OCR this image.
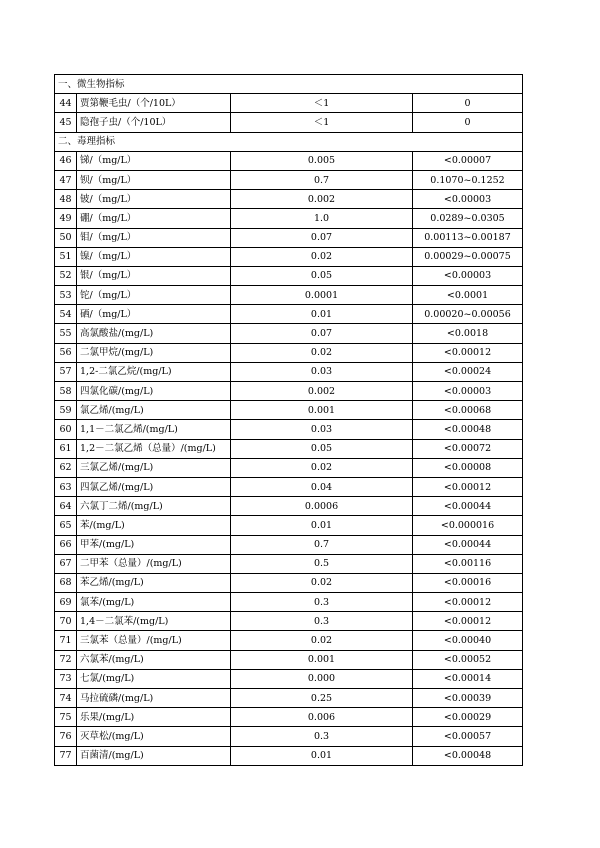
一、微生物指标			
44	贾第鞭毛虫/（个/10L）	＜1	0
45	隐孢子虫/（个/10L）	＜1	0
二、毒理指标			
46	锑/（mg/L）	0.005	<0.00007
47	钡/（mg/L）	0.7	0.1070~0.1252
48	铍/（mg/L）	0.002	<0.00003
49	硼/（mg/L）	1.0	0.0289~0.0305
50	钼/（mg/L）	0.07	0.00113~0.00187
51	镍/（mg/L）	0.02	0.00029~0.00075
52	银/（mg/L）	0.05	<0.00003
53	铊/（mg/L）	0.0001	<0.0001
54	硒/（mg/L）	0.01	0.00020~0.00056
55	高氯酸盐/(mg/L)	0.07	<0.0018
56	二氯甲烷/(mg/L)	0.02	<0.00012
57	1,2-二氯乙烷/(mg/L)	0.03	<0.00024
58	四氯化碳/(mg/L)	0.002	<0.00003
59	氯乙烯/(mg/L)	0.001	<0.00068
60	1,1－二氯乙烯/(mg/L)	0.03	<0.00048
61	1,2－二氯乙烯（总量）/(mg/L)	0.05	<0.00072
62	三氯乙烯/(mg/L)	0.02	<0.00008
63	四氯乙烯/(mg/L)	0.04	<0.00012
64	六氯丁二烯/(mg/L)	0.0006	<0.00044
65	苯/(mg/L)	0.01	<0.000016
66	甲苯/(mg/L)	0.7	<0.00044
67	二甲苯（总量）/(mg/L)	0.5	<0.00116
68	苯乙烯/(mg/L)	0.02	<0.00016
69	氯苯/(mg/L)	0.3	<0.00012
70	1,4－二氯苯/(mg/L)	0.3	<0.00012
71	三氯苯（总量）/(mg/L)	0.02	<0.00040
72	六氯苯/(mg/L)	0.001	<0.00052
73	七氯/(mg/L)	0.000	<0.00014
74	马拉硫磷/(mg/L)	0.25	<0.00039
75	乐果/(mg/L)	0.006	<0.00029
76	灭草松/(mg/L)	0.3	<0.00057
77	百菌清/(mg/L)	0.01	<0.00048
